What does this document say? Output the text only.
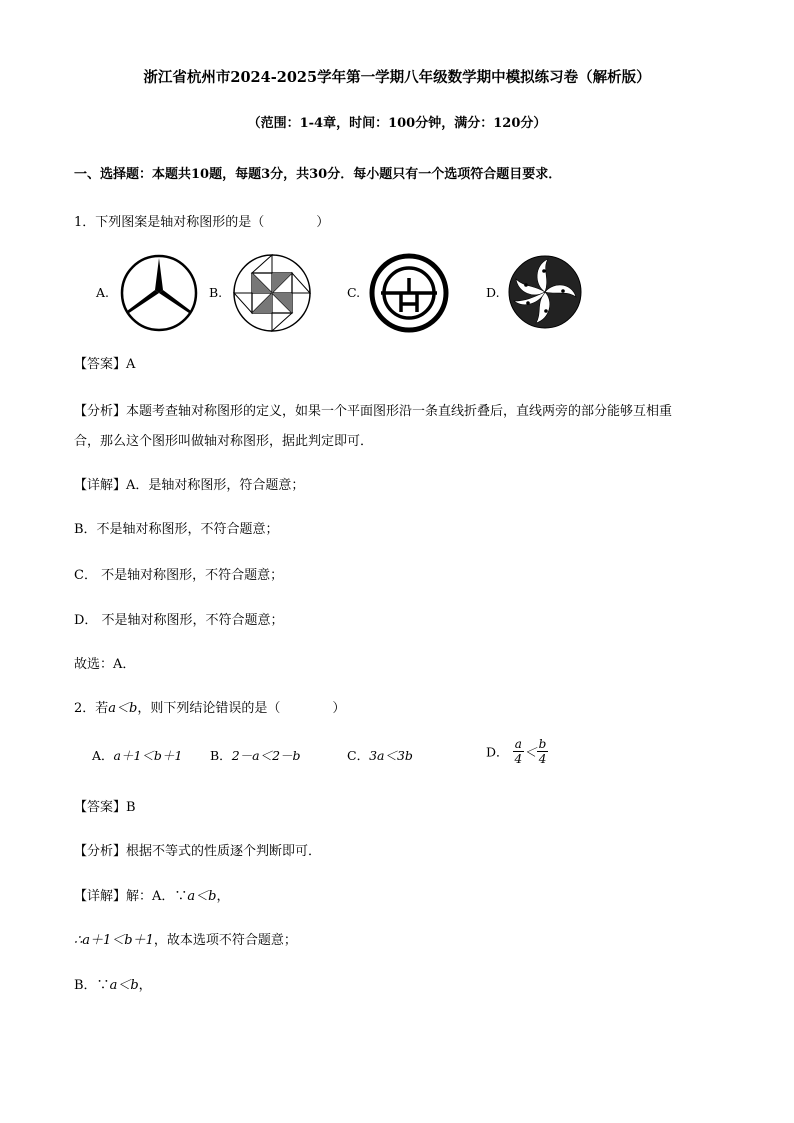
浙江省杭州市2024-2025学年第一学期八年级数学期中模拟练习卷（解析版）
（范围：1-4章，时间：100分钟，满分：120分）
一、选择题：本题共10题，每题3分，共30分．每小题只有一个选项符合题目要求．
1．下列图案是轴对称图形的是（　　　　）
A.	B.	C.	D.
【答案】A
【分析】本题考查轴对称图形的定义，如果一个平面图形沿一条直线折叠后，直线两旁的部分能够互相重
合，那么这个图形叫做轴对称图形，据此判定即可．
【详解】A．是轴对称图形，符合题意；
B．不是轴对称图形，不符合题意；
C． 不是轴对称图形，不符合题意；
D． 不是轴对称图形，不符合题意；
故选：A．
2．若a＜b，则下列结论错误的是（　　　　）
A．a＋1＜b＋1 B．2－a＜2－b	C．3a＜3b	D． $\frac{a}{4} < \frac{b}{4}$
【答案】B
【分析】根据不等式的性质逐个判断即可．
【详解】解：A．∵a＜b，
∴a＋1＜b＋1，故本选项不符合题意；
B．∵a＜b，
